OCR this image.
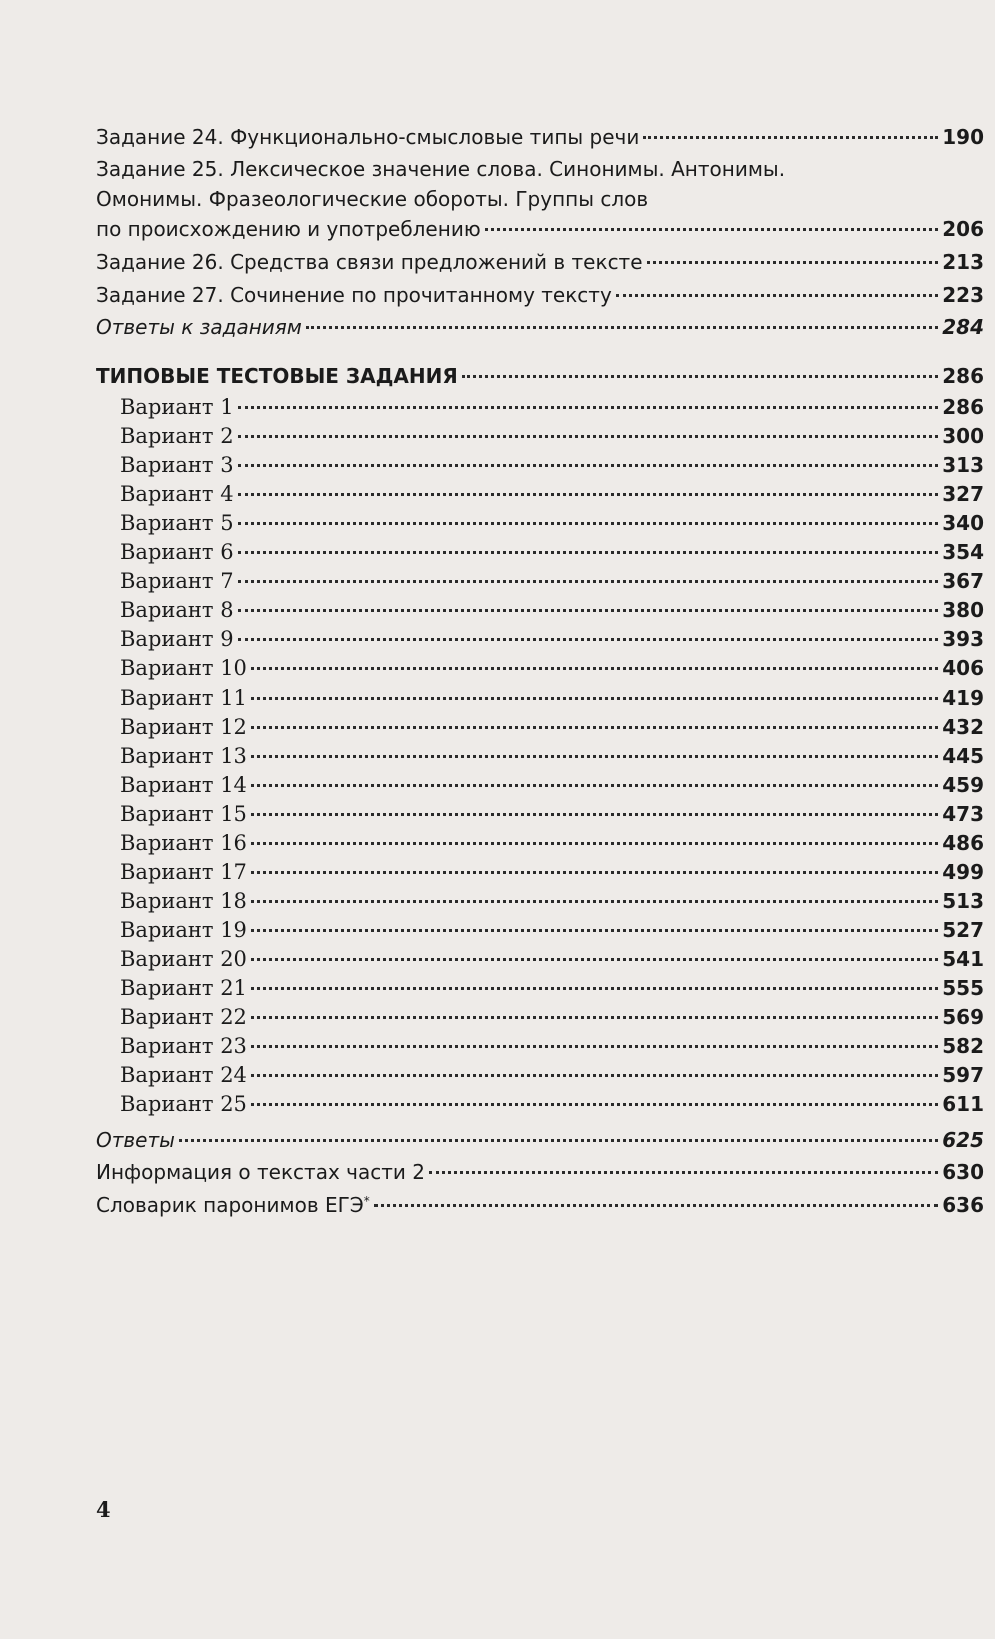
Задание 24. Функционально-смысловые типы речи	190
Задание 25. Лексическое значение слова. Синонимы. Антонимы.
Омонимы. Фразеологические обороты. Группы слов
по происхождению и употреблению	206
Задание 26. Средства связи предложений в тексте	213
Задание 27. Сочинение по прочитанному тексту	223
Ответы к заданиям	284
ТИПОВЫЕ ТЕСТОВЫЕ ЗАДАНИЯ	286
Вариант 1	286
Вариант 2	300
Вариант 3	313
Вариант 4	327
Вариант 5	340
Вариант 6	354
Вариант 7	367
Вариант 8	380
Вариант 9	393
Вариант 10	406
Вариант 11	419
Вариант 12	432
Вариант 13	445
Вариант 14	459
Вариант 15	473
Вариант 16	486
Вариант 17	499
Вариант 18	513
Вариант 19	527
Вариант 20	541
Вариант 21	555
Вариант 22	569
Вариант 23	582
Вариант 24	597
Вариант 25	611
Ответы	625
Информация о текстах части 2	630
Словарик паронимов ЕГЭ*	636
4
